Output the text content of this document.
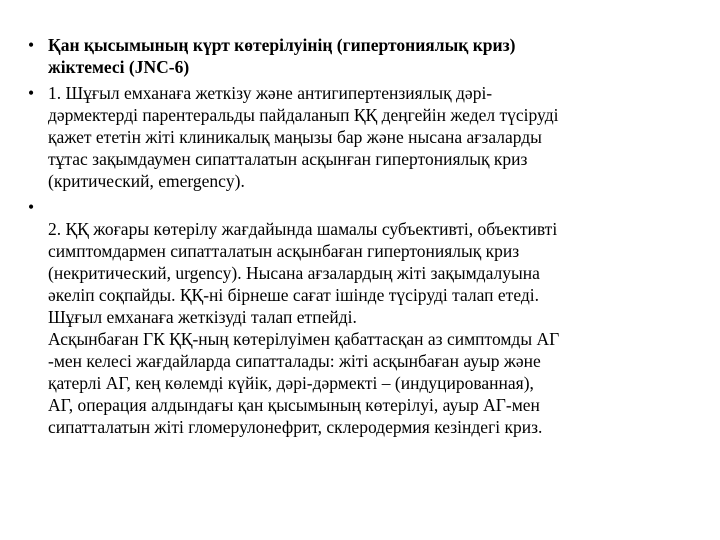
• Қан қысымының күрт көтерілуінің (гипертониялық криз)
жіктемесі (JNC-6)
• 1. Шұғыл емханаға жеткізу және антигипертензиялық дәрі-
дәрмектерді парентеральды пайдаланып ҚҚ деңгейін жедел түсіруді
қажет ететін жіті клиникалық маңызы бар және нысана ағзаларды
тұтас зақымдаумен сипатталатын асқынған гипертониялық криз
(критический, emergency).
•

2. ҚҚ жоғары көтерілу жағдайында шамалы субъективті, объективті
симптомдармен сипатталатын асқынбаған гипертониялық криз
(некритический, urgency). Нысана ағзалардың жіті зақымдалуына
әкеліп соқпайды. ҚҚ-ні бірнеше сағат ішінде түсіруді талап етеді.
Шұғыл емханаға жеткізуді талап етпейді.
Асқынбаған ГК ҚҚ-ның көтерілуімен қабаттасқан аз симптомды АГ
-мен келесі жағдайларда сипатталады: жіті асқынбаған ауыр және
қатерлі АГ, кең көлемді күйік, дәрі-дәрмекті – (индуцированная),
АГ, операция алдындағы қан қысымының көтерілуі, ауыр АГ-мен
сипатталатын жіті гломерулонефрит, склеродермия кезіндегі криз.
